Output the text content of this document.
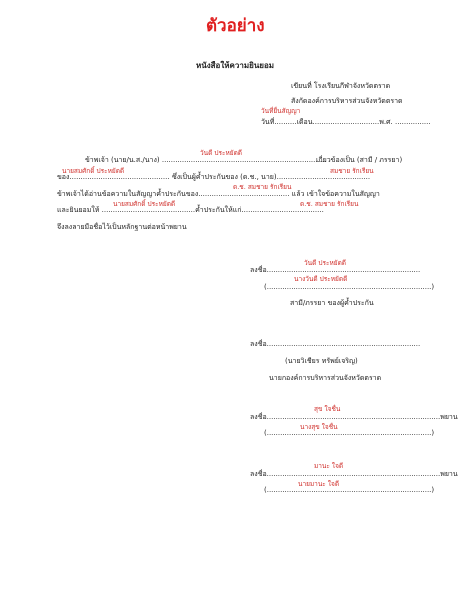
ตัวอย่าง
หนังสือให้ความยินยอม
เขียนที่ โรงเรียนกีฬาจังหวัดตราด
สังกัดองค์การบริหารส่วนจังหวัดตราด
วันที่ยื่นสัญญา
วันที่..........เดือน..............................พ.ศ. ................
วันดี ประหยัดดี
ข้าพเจ้า (นาย/น.ส./นาง) ..........................................................................
เกี่ยวข้องเป็น (สามี / ภรรยา)
นายสมศักดิ์ ประหยัดดี	สมชาย รักเรียน
ของ............................................. ซึ่งเป็นผู้ค้ำประกันของ (ด.ช., นาย)..........................................
ด.ช. สมชาย รักเรียน
ข้าพเจ้าได้อ่านข้อความในสัญญาค้ำประกันของ......................................... แล้ว เข้าใจข้อความในสัญญา
นายสมศักดิ์ ประหยัดดี	ด.ช. สมชาย รักเรียน
และยินยอมให้ ..........................................ค้ำประกันให้แก่.....................................
จึงลงลายมือชื่อไว้เป็นหลักฐานต่อหน้าพยาน
วันดี ประหยัดดี
ลงชื่อ.....................................................................
นางวันดี ประหยัดดี
(..........................................................................)
สามี/ภรรยา ของผู้ค้ำประกัน
ลงชื่อ.....................................................................
(นายวิเชียร ทรัพย์เจริญ)
นายกองค์การบริหารส่วนจังหวัดตราด
สุข ใจชื่น
ลงชื่อ..............................................................................พยาน
นางสุข ใจชื่น
(..........................................................................)
มานะ ใจดี
ลงชื่อ..............................................................................พยาน
นายมานะ ใจดี
(..........................................................................)
